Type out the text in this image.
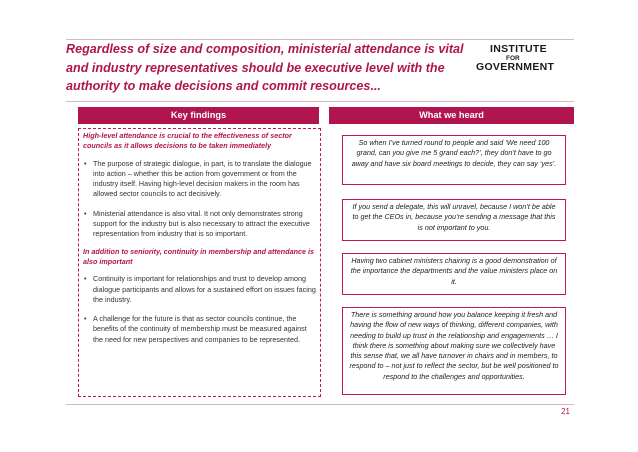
Regardless of size and composition, ministerial attendance is vital and industry representatives should be executive level with the authority to make decisions and commit resources...
INSTITUTE
FOR
GOVERNMENT
Key findings	What we heard
High-level attendance is crucial to the effectiveness of sector councils as it allows decisions to be taken immediately
• The purpose of strategic dialogue, in part, is to translate the dialogue into action – whether this be action from government or from the industry itself. Having high-level decision makers in the room has allowed sector councils to act decisively.
• Ministerial attendance is also vital. It not only demonstrates strong support for the industry but is also necessary to attract the executive representation from industry that is so important.
In addition to seniority, continuity in membership and attendance is also important
• Continuity is important for relationships and trust to develop among dialogue participants and allows for a sustained effort on issues facing the industry.
• A challenge for the future is that as sector councils continue, the benefits of the continuity of membership must be measured against the need for new perspectives and companies to be represented.
So when I’ve turned round to people and said ‘We need 100 grand, can you give me 5 grand each?’, they don’t have to go away and have six board meetings to decide, they can say ‘yes’.
If you send a delegate, this will unravel, because I won’t be able to get the CEOs in, because you’re sending a message that this is not important to you.
Having two cabinet ministers chairing is a good demonstration of the importance the departments and the value ministers place on it.
There is something around how you balance keeping it fresh and having the flow of new ways of thinking, different companies, with needing to build up trust in the relationship and engagements … I think there is something about making sure we collectively have this sense that, we all have turnover in chairs and in members, to respond to – not just to reflect the sector, but be well positioned to respond to the challenges and opportunities.
21
